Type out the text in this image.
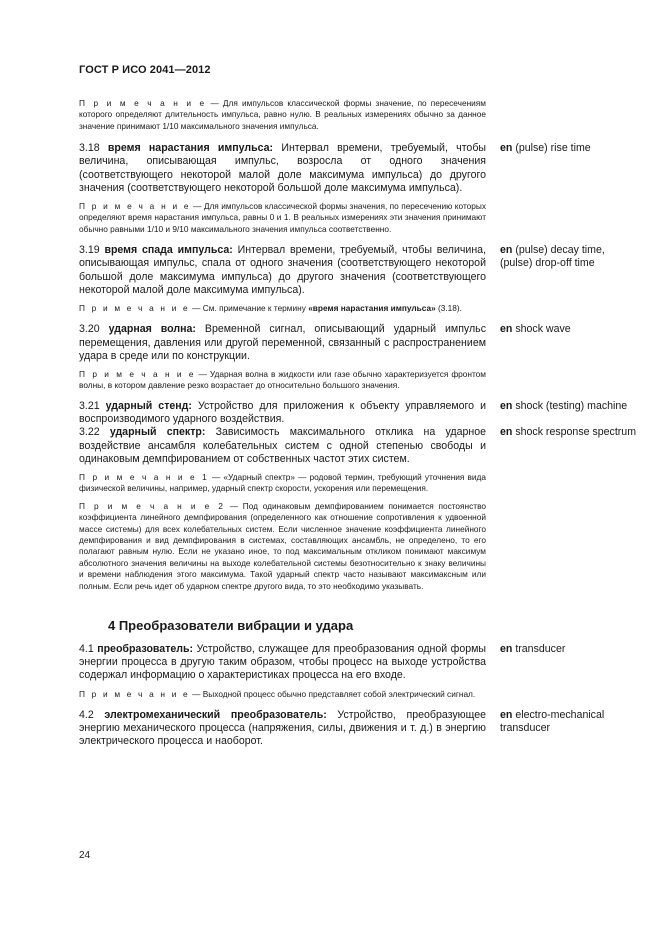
ГОСТ Р ИСО 2041—2012
П р и м е ч а н и е — Для импульсов классической формы значение, по пересечениям которого определяют длительность импульса, равно нулю. В реальных измерениях обычно за данное значение принимают 1/10 максимального значения импульса.
3.18 время нарастания импульса: Интервал времени, требуемый, чтобы величина, описывающая импульс, возросла от одного значения (соответствующего некоторой малой доле максимума импульса) до другого значения (соответствующего некоторой большой доле максимума импульса).
en (pulse) rise time
П р и м е ч а н и е — Для импульсов классической формы значения, по пересечению которых определяют время нарастания импульса, равны 0 и 1. В реальных измерениях эти значения принимают обычно равными 1/10 и 9/10 максимального значения импульса соответственно.
3.19 время спада импульса: Интервал времени, требуемый, чтобы величина, описывающая импульс, спала от одного значения (соответствующего некоторой большой доле максимума импульса) до другого значения (соответствующего некоторой малой доле максимума импульса).
en (pulse) decay time, (pulse) drop-off time
П р и м е ч а н и е — См. примечание к термину «время нарастания импульса» (3.18).
3.20 ударная волна: Временной сигнал, описывающий ударный импульс перемещения, давления или другой переменной, связанный с распространением удара в среде или по конструкции.
en shock wave
П р и м е ч а н и е — Ударная волна в жидкости или газе обычно характеризуется фронтом волны, в котором давление резко возрастает до относительно большого значения.
3.21 ударный стенд: Устройство для приложения к объекту управляемого и воспроизводимого ударного воздействия.
en shock (testing) machine
3.22 ударный спектр: Зависимость максимального отклика на ударное воздействие ансамбля колебательных систем с одной степенью свободы и одинаковым демпфированием от собственных частот этих систем.
en shock response spectrum
П р и м е ч а н и е 1 — «Ударный спектр» — родовой термин, требующий уточнения вида физической величины, например, ударный спектр скорости, ускорения или перемещения.
П р и м е ч а н и е 2 — Под одинаковым демпфированием понимается постоянство коэффициента линейного демпфирования (определенного как отношение сопротивления к удвоенной массе системы) для всех колебательных систем. Если численное значение коэффициента линейного демпфирования и вид демпфирования в системах, составляющих ансамбль, не определено, то его полагают равным нулю. Если не указано иное, то под максимальным откликом понимают максимум абсолютного значения величины на выходе колебательной системы безотносительно к знаку величины и времени наблюдения этого максимума. Такой ударный спектр часто называют максимаксным или полным. Если речь идет об ударном спектре другого вида, то это необходимо указывать.
4 Преобразователи вибрации и удара
4.1 преобразователь: Устройство, служащее для преобразования одной формы энергии процесса в другую таким образом, чтобы процесс на выходе устройства содержал информацию о характеристиках процесса на его входе.
en transducer
П р и м е ч а н и е — Выходной процесс обычно представляет собой электрический сигнал.
4.2 электромеханический преобразователь: Устройство, преобразующее энергию механического процесса (напряжения, силы, движения и т. д.) в энергию электрического процесса и наоборот.
en electro-mechanical transducer
24
